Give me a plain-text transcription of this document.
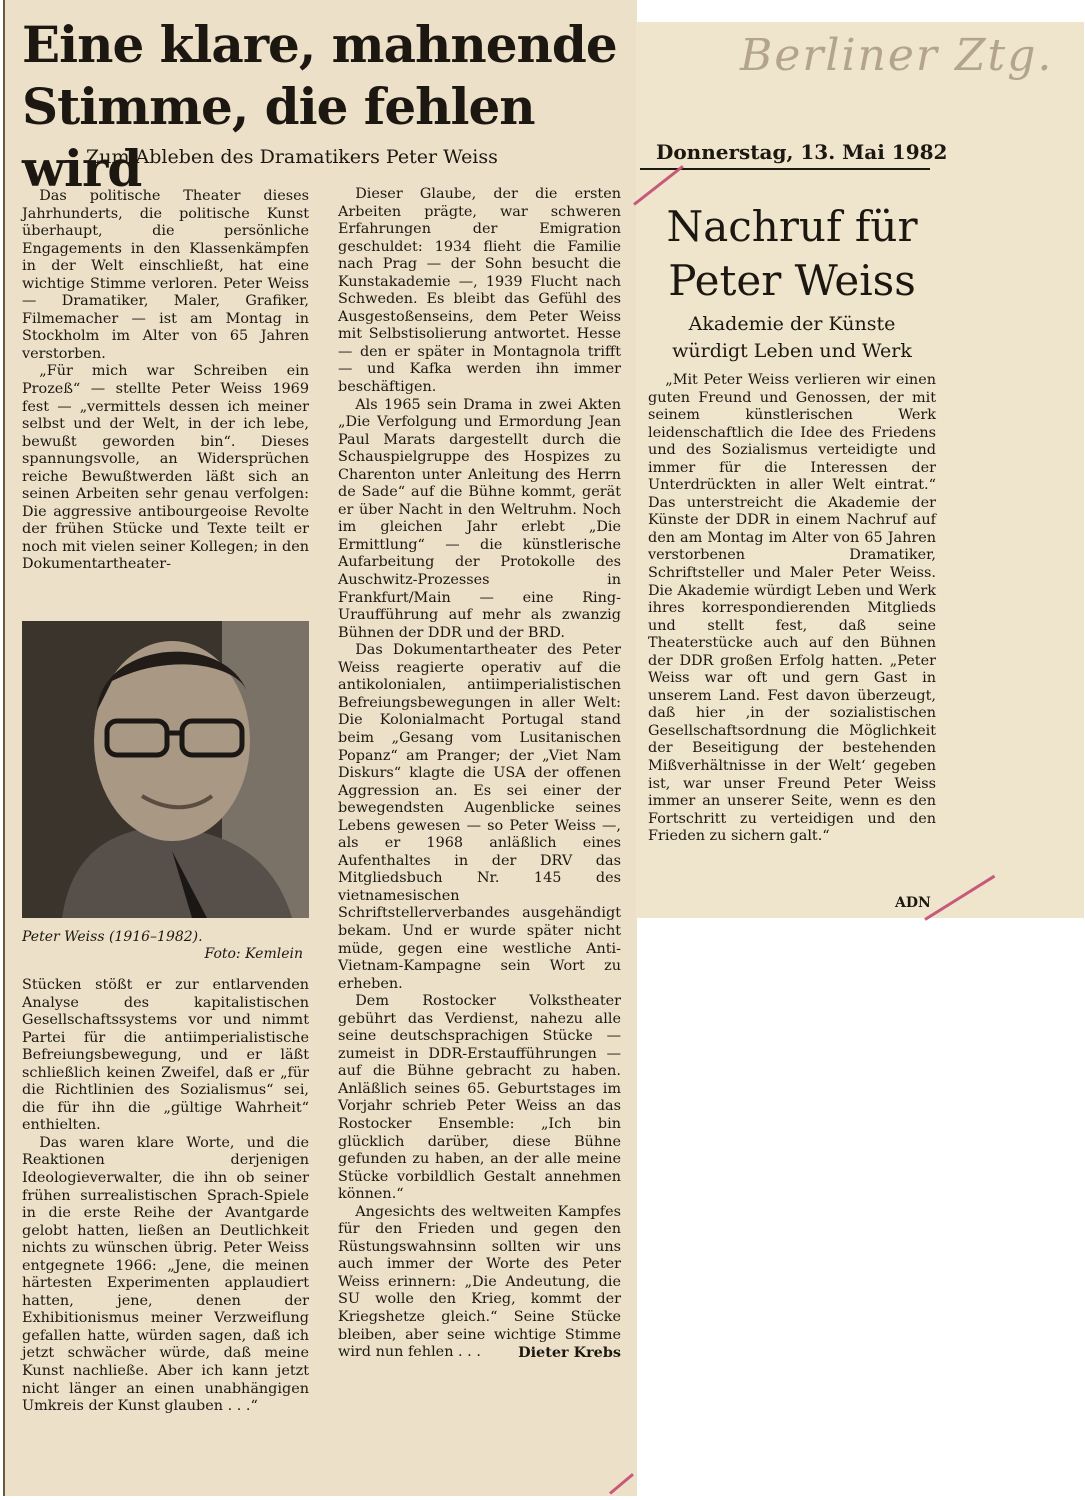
Berliner Ztg.
Eine klare, mahnende Stimme, die fehlen wird
Zum Ableben des Dramatikers Peter Weiss

Das politische Theater dieses Jahrhunderts, die politische Kunst überhaupt, die persönliche Engagements in den Klassenkämpfen in der Welt einschließt, hat eine wichtige Stimme verloren. Peter Weiss — Dramatiker, Maler, Grafiker, Filmemacher — ist am Montag in Stockholm im Alter von 65 Jahren verstorben.

„Für mich war Schreiben ein Prozeß“ — stellte Peter Weiss 1969 fest — „vermittels dessen ich meiner selbst und der Welt, in der ich lebe, bewußt geworden bin“. Dieses spannungsvolle, an Widersprüchen reiche Bewußtwerden läßt sich an seinen Arbeiten sehr genau verfolgen: Die aggressive antibourgeoise Revolte der frühen Stücke und Texte teilt er noch mit vielen seiner Kollegen; in den Dokumentartheater-

Peter Weiss (1916–1982).
Foto: Kemlein

Stücken stößt er zur entlarvenden Analyse des kapitalistischen Gesellschaftssystems vor und nimmt Partei für die antiimperialistische Befreiungsbewegung, und er läßt schließlich keinen Zweifel, daß er „für die Richtlinien des Sozialismus“ sei, die für ihn die „gültige Wahrheit“ enthielten.

Das waren klare Worte, und die Reaktionen derjenigen Ideologieverwalter, die ihn ob seiner frühen surrealistischen Sprach-Spiele in die erste Reihe der Avantgarde gelobt hatten, ließen an Deutlichkeit nichts zu wünschen übrig. Peter Weiss entgegnete 1966: „Jene, die meinen härtesten Experimenten applaudiert hatten, jene, denen der Exhibitionismus meiner Verzweiflung gefallen hatte, würden sagen, daß ich jetzt schwächer würde, daß meine Kunst nachließe. Aber ich kann jetzt nicht länger an einen unabhängigen Umkreis der Kunst glauben . . .“

Dieser Glaube, der die ersten Arbeiten prägte, war schweren Erfahrungen der Emigration geschuldet: 1934 flieht die Familie nach Prag — der Sohn besucht die Kunstakademie —, 1939 Flucht nach Schweden. Es bleibt das Gefühl des Ausgestoßenseins, dem Peter Weiss mit Selbstisolierung antwortet. Hesse — den er später in Montagnola trifft — und Kafka werden ihn immer beschäftigen.

Als 1965 sein Drama in zwei Akten „Die Verfolgung und Ermordung Jean Paul Marats dargestellt durch die Schauspielgruppe des Hospizes zu Charenton unter Anleitung des Herrn de Sade“ auf die Bühne kommt, gerät er über Nacht in den Weltruhm. Noch im gleichen Jahr erlebt „Die Ermittlung“ — die künstlerische Aufarbeitung der Protokolle des Auschwitz-Prozesses in Frankfurt/Main — eine Ring-Uraufführung auf mehr als zwanzig Bühnen der DDR und der BRD.

Das Dokumentartheater des Peter Weiss reagierte operativ auf die antikolonialen, antiimperialistischen Befreiungsbewegungen in aller Welt: Die Kolonialmacht Portugal stand beim „Gesang vom Lusitanischen Popanz“ am Pranger; der „Viet Nam Diskurs“ klagte die USA der offenen Aggression an. Es sei einer der bewegendsten Augenblicke seines Lebens gewesen — so Peter Weiss —, als er 1968 anläßlich eines Aufenthaltes in der DRV das Mitgliedsbuch Nr. 145 des vietnamesischen Schriftstellerverbandes ausgehändigt bekam. Und er wurde später nicht müde, gegen eine westliche Anti-Vietnam-Kampagne sein Wort zu erheben.

Dem Rostocker Volkstheater gebührt das Verdienst, nahezu alle seine deutschsprachigen Stücke — zumeist in DDR-Erstaufführungen — auf die Bühne gebracht zu haben. Anläßlich seines 65. Geburtstages im Vorjahr schrieb Peter Weiss an das Rostocker Ensemble: „Ich bin glücklich darüber, diese Bühne gefunden zu haben, an der alle meine Stücke vorbildlich Gestalt annehmen können.“

Angesichts des weltweiten Kampfes für den Frieden und gegen den Rüstungswahnsinn sollten wir uns auch immer der Worte des Peter Weiss erinnern: „Die Andeutung, die SU wolle den Krieg, kommt der Kriegshetze gleich.“ Seine Stücke bleiben, aber seine wichtige Stimme wird nun fehlen . . .	Dieter Krebs

Donnerstag, 13. Mai 1982
Nachruf für Peter Weiss
Akademie der Künste würdigt Leben und Werk

„Mit Peter Weiss verlieren wir einen guten Freund und Genossen, der mit seinem künstlerischen Werk leidenschaftlich die Idee des Friedens und des Sozialismus verteidigte und immer für die Interessen der Unterdrückten in aller Welt eintrat.“ Das unterstreicht die Akademie der Künste der DDR in einem Nachruf auf den am Montag im Alter von 65 Jahren verstorbenen Dramatiker, Schriftsteller und Maler Peter Weiss. Die Akademie würdigt Leben und Werk ihres korrespondierenden Mitglieds und stellt fest, daß seine Theaterstücke auch auf den Bühnen der DDR großen Erfolg hatten. „Peter Weiss war oft und gern Gast in unserem Land. Fest davon überzeugt, daß hier ‚in der sozialistischen Gesellschaftsordnung die Möglichkeit der Beseitigung der bestehenden Mißverhältnisse in der Welt‘ gegeben ist, war unser Freund Peter Weiss immer an unserer Seite, wenn es den Fortschritt zu verteidigen und den Frieden zu sichern galt.“

ADN
